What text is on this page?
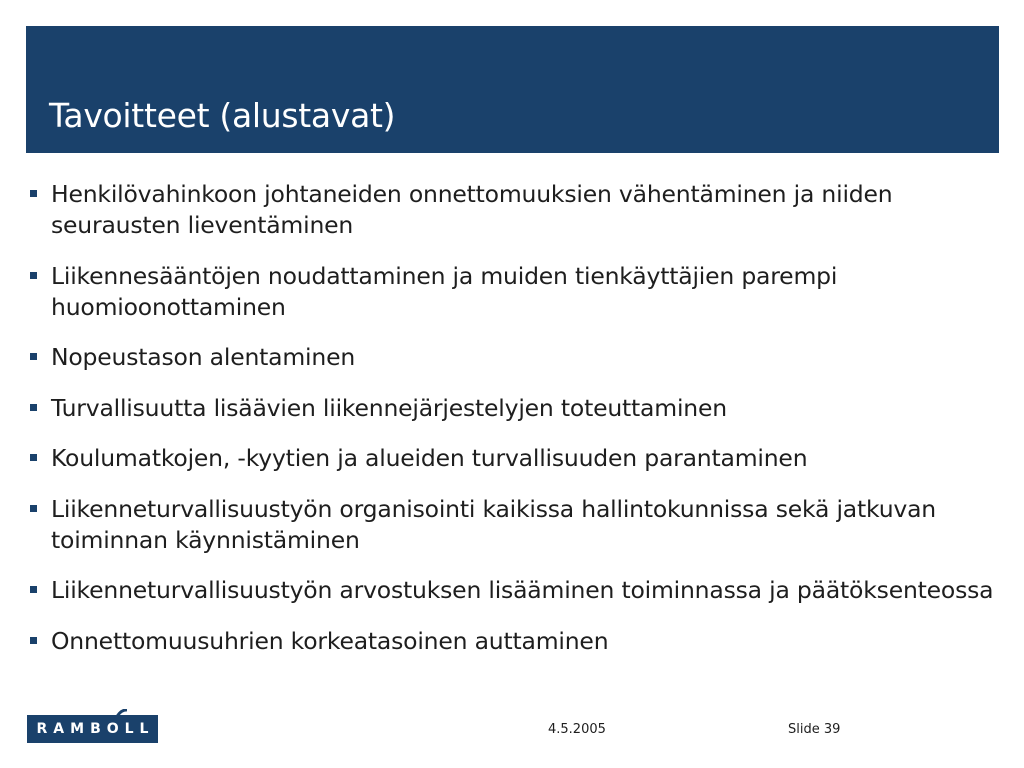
Tavoitteet (alustavat)
Henkilövahinkoon johtaneiden onnettomuuksien vähentäminen ja niiden seurausten lieventäminen
Liikennesääntöjen noudattaminen ja muiden tienkäyttäjien parempi huomioonottaminen
Nopeustason alentaminen
Turvallisuutta lisäävien liikennejärjestelyjen toteuttaminen
Koulumatkojen, -kyytien ja alueiden turvallisuuden parantaminen
Liikenneturvallisuustyön organisointi kaikissa hallintokunnissa sekä jatkuvan toiminnan käynnistäminen
Liikenneturvallisuustyön arvostuksen lisääminen toiminnassa ja päätöksenteossa
Onnettomuusuhrien korkeatasoinen auttaminen
RAMBOLL	4.5.2005	Slide 39
